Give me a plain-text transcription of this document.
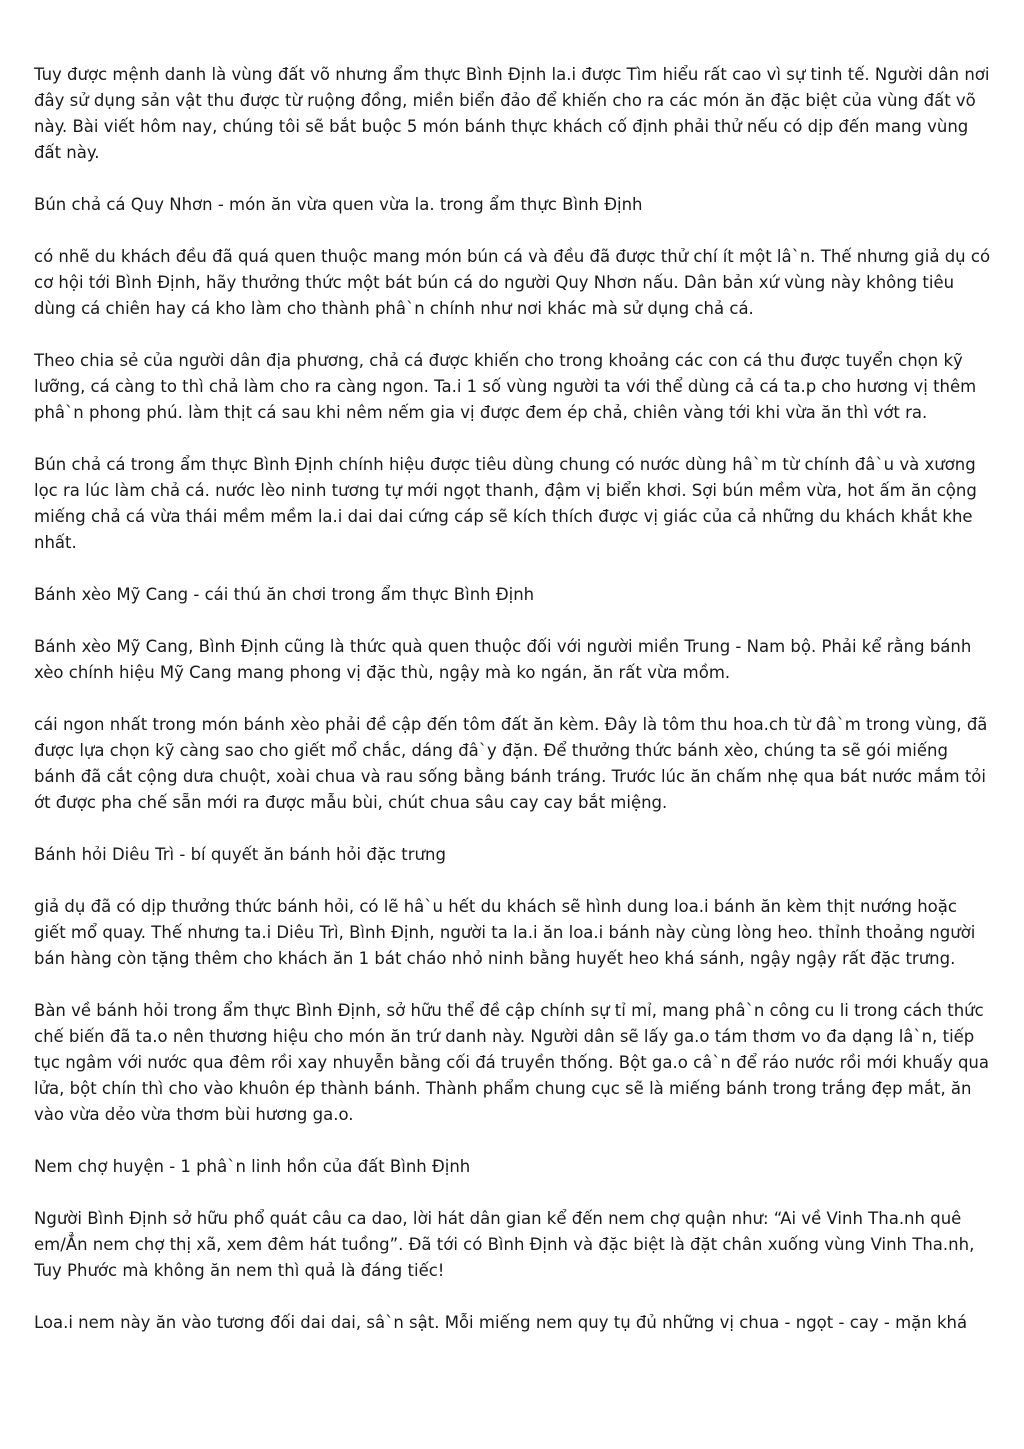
Tuy được mệnh danh là vùng đất võ nhưng ẩm thực Bình Định la.i được Tìm hiểu rất cao vì sự tinh tế. Người dân nơi đây sử dụng sản vật thu được từ ruộng đồng, miền biển đảo để khiến cho ra các món ăn đặc biệt của vùng đất võ này. Bài viết hôm nay, chúng tôi sẽ bắt buộc 5 món bánh thực khách cố định phải thử nếu có dịp đến mang vùng đất này.

Bún chả cá Quy Nhơn - món ăn vừa quen vừa la. trong ẩm thực Bình Định

có nhẽ du khách đều đã quá quen thuộc mang món bún cá và đều đã được thử chí ít một lâ`n. Thế nhưng giả dụ có cơ hội tới Bình Định, hãy thưởng thức một bát bún cá do người Quy Nhơn nấu. Dân bản xứ vùng này không tiêu dùng cá chiên hay cá kho làm cho thành phâ`n chính như nơi khác mà sử dụng chả cá.

Theo chia sẻ của người dân địa phương, chả cá được khiến cho trong khoảng các con cá thu được tuyển chọn kỹ lưỡng, cá càng to thì chả làm cho ra càng ngon. Ta.i 1 số vùng người ta với thể dùng cả cá ta.p cho hương vị thêm phâ`n phong phú. làm thịt cá sau khi nêm nếm gia vị được đem ép chả, chiên vàng tới khi vừa ăn thì vớt ra.

Bún chả cá trong ẩm thực Bình Định chính hiệu được tiêu dùng chung có nước dùng hâ`m từ chính đâ`u và xương lọc ra lúc làm chả cá. nước lèo ninh tương tự mới ngọt thanh, đậm vị biển khơi. Sợi bún mềm vừa, hot ấm ăn cộng miếng chả cá vừa thái mềm mềm la.i dai dai cứng cáp sẽ kích thích được vị giác của cả những du khách khắt khe nhất.

Bánh xèo Mỹ Cang - cái thú ăn chơi trong ẩm thực Bình Định

Bánh xèo Mỹ Cang, Bình Định cũng là thức quà quen thuộc đối với người miền Trung - Nam bộ. Phải kể rằng bánh xèo chính hiệu Mỹ Cang mang phong vị đặc thù, ngậy mà ko ngán, ăn rất vừa mồm.

cái ngon nhất trong món bánh xèo phải đề cập đến tôm đất ăn kèm. Đây là tôm thu hoa.ch từ đâ`m trong vùng, đã được lựa chọn kỹ càng sao cho giết mổ chắc, dáng đâ`y đặn. Để thưởng thức bánh xèo, chúng ta sẽ gói miếng bánh đã cắt cộng dưa chuột, xoài chua và rau sống bằng bánh tráng. Trước lúc ăn chấm nhẹ qua bát nước mắm tỏi ớt được pha chế sẵn mới ra được mẫu bùi, chút chua sâu cay cay bắt miệng.

Bánh hỏi Diêu Trì - bí quyết ăn bánh hỏi đặc trưng

giả dụ đã có dịp thưởng thức bánh hỏi, có lẽ hâ`u hết du khách sẽ hình dung loa.i bánh ăn kèm thịt nướng hoặc giết mổ quay. Thế nhưng ta.i Diêu Trì, Bình Định, người ta la.i ăn loa.i bánh này cùng lòng heo. thỉnh thoảng người bán hàng còn tặng thêm cho khách ăn 1 bát cháo nhỏ ninh bằng huyết heo khá sánh, ngậy ngậy rất đặc trưng.

Bàn về bánh hỏi trong ẩm thực Bình Định, sở hữu thể đề cập chính sự tỉ mỉ, mang phâ`n công cu li trong cách thức chế biến đã ta.o nên thương hiệu cho món ăn trứ danh này. Người dân sẽ lấy ga.o tám thơm vo đa dạng lâ`n, tiếp tục ngâm với nước qua đêm rồi xay nhuyễn bằng cối đá truyền thống. Bột ga.o câ`n để ráo nước rồi mới khuấy qua lửa, bột chín thì cho vào khuôn ép thành bánh. Thành phẩm chung cục sẽ là miếng bánh trong trắng đẹp mắt, ăn vào vừa dẻo vừa thơm bùi hương ga.o.

Nem chợ huyện - 1 phâ`n linh hồn của đất Bình Định

Người Bình Định sở hữu phổ quát câu ca dao, lời hát dân gian kể đến nem chợ quận như: “Ai về Vinh Tha.nh quê em/Ẳn nem chợ thị xã, xem đêm hát tuồng”. Đã tới có Bình Định và đặc biệt là đặt chân xuống vùng Vinh Tha.nh, Tuy Phước mà không ăn nem thì quả là đáng tiếc!

Loa.i nem này ăn vào tương đối dai dai, sâ`n sật. Mỗi miếng nem quy tụ đủ những vị chua - ngọt - cay - mặn khá
